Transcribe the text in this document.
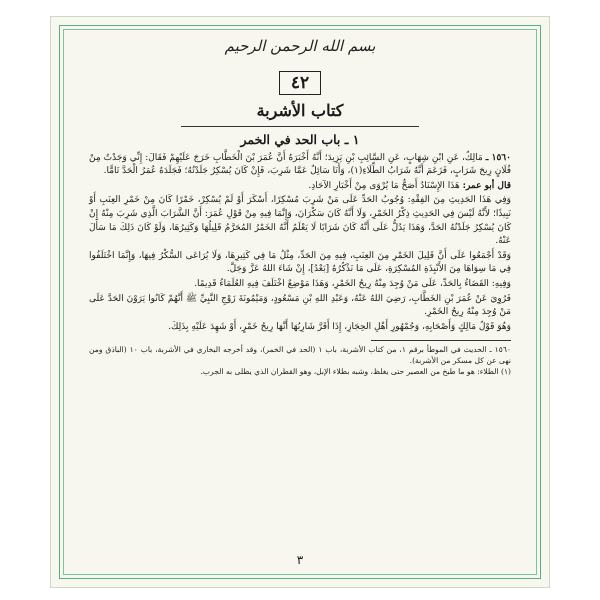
بسم الله الرحمن الرحيم
٤٢
كتاب الأشربة
١ ـ باب الحد في الخمر

١٥٦٠ ـ مَالِكٌ، عَنِ ابْنِ شِهَابٍ، عَنِ السَّائِبِ بْنِ يَزِيدَ؛ أَنَّهُ أَخْبَرَهُ أَنَّ عُمَرَ بْنَ الْخَطَّابِ خَرَجَ عَلَيْهِمْ فَقَالَ: إِنِّي وَجَدْتُ مِنْ فُلَانٍ رِيحَ شَرَابٍ، فَزَعَمَ أَنَّهُ شَرَابُ الطِّلَاءِ(١)، وَأَنَا سَائِلٌ عَمَّا شَرِبَ، فَإِنْ كَانَ يُسْكِرُ جَلَدْتُهُ؛ فَجَلَدَهُ عُمَرُ الْحَدَّ تَامًّا.

قال أبو عمر: هَذَا الإِسْنَادُ أَصَحُّ مَا يُرْوَى مِنْ أَخْبَارِ الآحَادِ.

وَفِي هَذَا الحَدِيثِ مِنَ الفِقْهِ: وُجُوبُ الحَدِّ عَلَى مَنْ شَرِبَ مُسْكِرًا، أَسْكَرَ أَوْ لَمْ يُسْكِرْ، خَمْرًا كَانَ مِنْ خَمْرِ العِنَبِ أَوْ نَبِيذًا؛ لأَنَّهُ لَيْسَ فِي الحَدِيثِ ذِكْرُ الخَمْرِ، وَلَا أَنَّهُ كَانَ سَكْرَانَ، وَإِنَّمَا فِيهِ مِنْ قَوْلِ عُمَرَ: أَنَّ الشَّرَابَ الَّذِي شَرِبَ مِنْهُ إِنْ كَانَ يُسْكِرُ جَلَدْتُهُ الحَدَّ، وَهَذَا يَدُلُّ عَلَى أَنَّهُ كَانَ شَرَابًا لَا يَعْلَمُ أَنَّهُ الخَمْرُ المُحَرَّمُ قَلِيلُهَا وَكَثِيرُهَا، وَلَوْ كَانَ ذَلِكَ مَا سَأَلَ عَنْهُ.

وَقَدْ أَجْمَعُوا عَلَى أَنَّ قَلِيلَ الخَمْرِ مِنَ العِنَبِ، فِيهِ مِنَ الحَدِّ، مِثْلُ مَا فِي كَثِيرِهَا، وَلَا يُرَاعَى السُّكْرُ فِيهَا، وَإِنَّمَا اخْتَلَفُوا فِي مَا سِوَاهَا مِنَ الأَنْبِذَةِ المُسْكِرَةِ، عَلَى مَا نَذْكُرُهُ [بَعْدُ]، إِنْ شَاءَ اللهُ عَزَّ وَجَلَّ.

وَفِيهِ: القَضَاءُ بِالحَدِّ، عَلَى مَنْ وُجِدَ مِنْهُ رِيحُ الخَمْرِ، وَهَذَا مَوْضِعٌ اخْتَلَفَ فِيهِ العُلَمَاءُ قَدِيمًا.

فَرُوِيَ عَنْ عُمَرَ بْنِ الخَطَّابِ، رَضِيَ اللهُ عَنْهُ، وَعَبْدِ اللهِ بْنِ مَسْعُودٍ، وَمَيْمُونَةَ زَوْجِ النَّبِيِّ ﷺ أَنَّهُمْ كَانُوا يَرَوْنَ الحَدَّ عَلَى مَنْ وُجِدَ مِنْهُ رِيحُ الخَمْرِ.

وَهُوَ قَوْلُ مَالِكٍ وَأَصْحَابِهِ، وَجُمْهُورِ أَهْلِ الحِجَازِ، إِذَا أَقَرَّ شَارِبُهَا أَنَّهَا رِيحُ خَمْرٍ، أَوْ شَهِدَ عَلَيْهِ بِذَلِكَ.

١٥٦٠ ـ الحديث في الموطأ برقم ١، من كتاب الأشربة، باب ١ (الحد في الخمر)، وقد أخرجه البخاري في الأشربة، باب ١٠ (الباذق ومن نهى عن كل مسكر من الأشربة).
(١) الطلاء: هو ما طبخ من العصير حتى يغلظ، وشبه بطلاء الإبل، وهو القطران الذي يطلى به الجرب.
٣
